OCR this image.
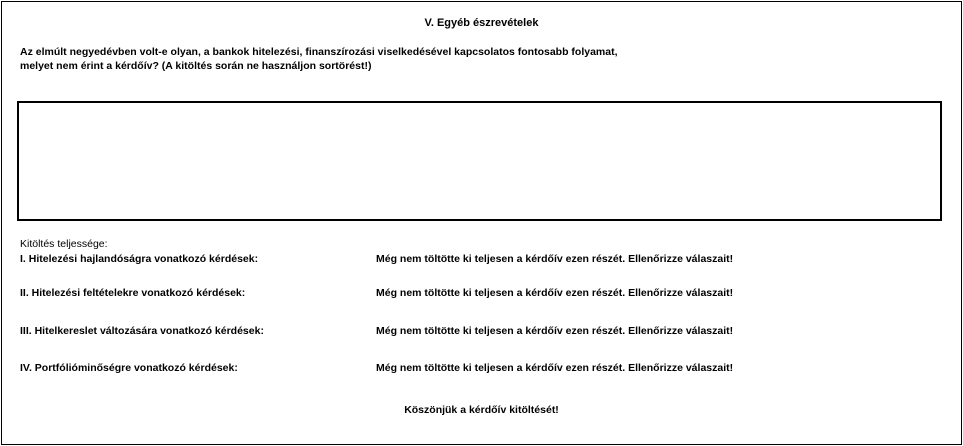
V. Egyéb észrevételek
Az elmúlt negyedévben volt-e olyan, a bankok hitelezési, finanszírozási viselkedésével kapcsolatos fontosabb folyamat,
melyet nem érint a kérdőív? (A kitöltés során ne használjon sortörést!)
Kitöltés teljessége:
I. Hitelezési hajlandóságra vonatkozó kérdések:	Még nem töltötte ki teljesen a kérdőív ezen részét. Ellenőrizze válaszait!
II. Hitelezési feltételekre vonatkozó kérdések:	Még nem töltötte ki teljesen a kérdőív ezen részét. Ellenőrizze válaszait!
III. Hitelkereslet változására vonatkozó kérdések:	Még nem töltötte ki teljesen a kérdőív ezen részét. Ellenőrizze válaszait!
IV. Portfólióminőségre vonatkozó kérdések:	Még nem töltötte ki teljesen a kérdőív ezen részét. Ellenőrizze válaszait!
Köszönjük a kérdőív kitöltését!
